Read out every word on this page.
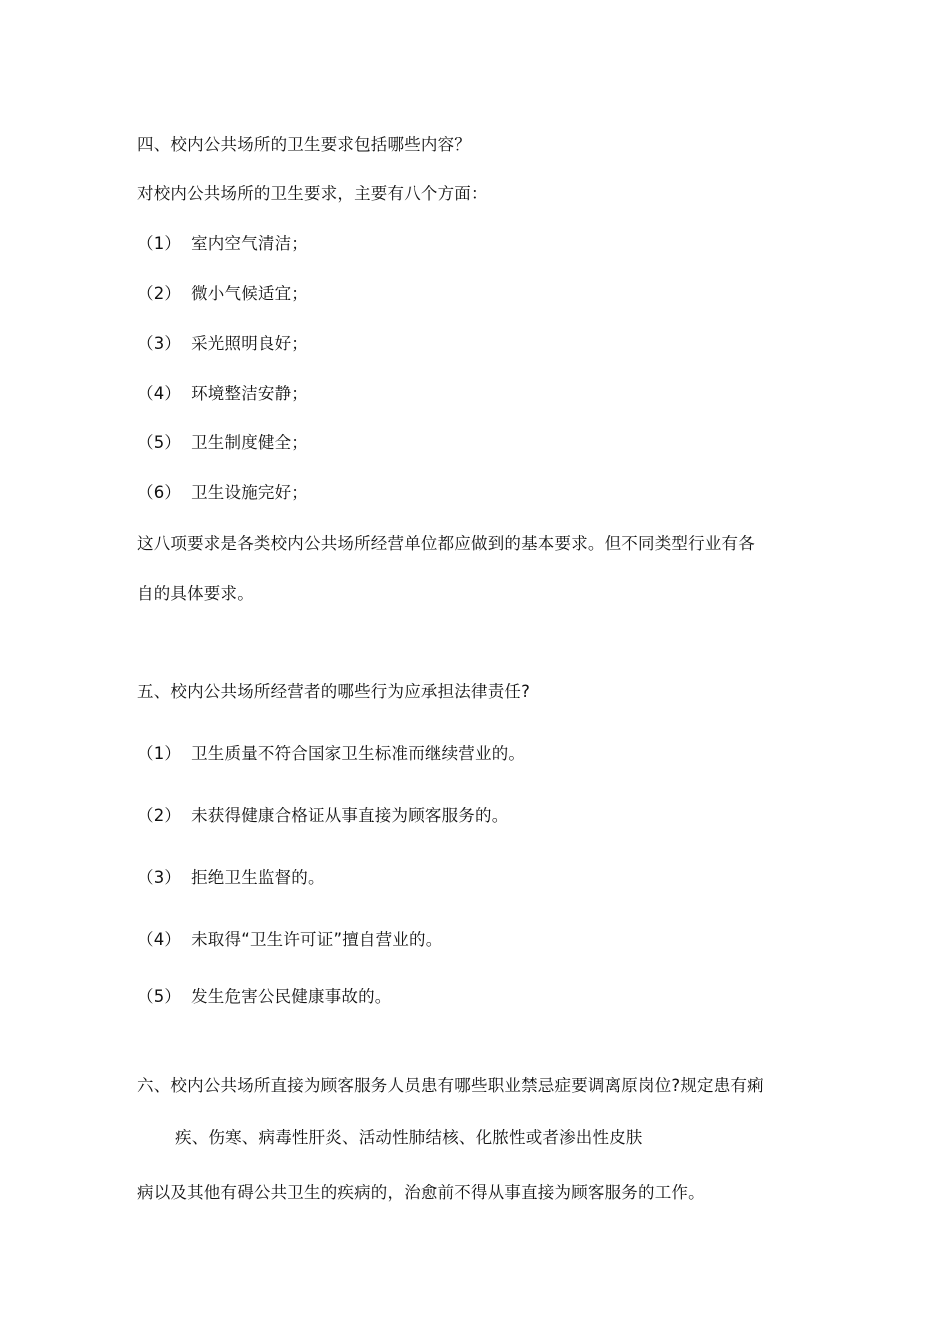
四、校内公共场所的卫生要求包括哪些内容？
对校内公共场所的卫生要求，主要有八个方面：
（1） 室内空气清洁；
（2） 微小气候适宜；
（3） 采光照明良好；
（4） 环境整洁安静；
（5） 卫生制度健全；
（6） 卫生设施完好；
这八项要求是各类校内公共场所经营单位都应做到的基本要求。但不同类型行业有各
自的具体要求。
五、校内公共场所经营者的哪些行为应承担法律责任?
（1） 卫生质量不符合国家卫生标准而继续营业的。
（2） 未获得健康合格证从事直接为顾客服务的。
（3） 拒绝卫生监督的。
（4） 未取得“卫生许可证”擅自营业的。
（5） 发生危害公民健康事故的。
六、校内公共场所直接为顾客服务人员患有哪些职业禁忌症要调离原岗位?规定患有痢
疾、伤寒、病毒性肝炎、活动性肺结核、化脓性或者渗出性皮肤
病以及其他有碍公共卫生的疾病的，治愈前不得从事直接为顾客服务的工作。
